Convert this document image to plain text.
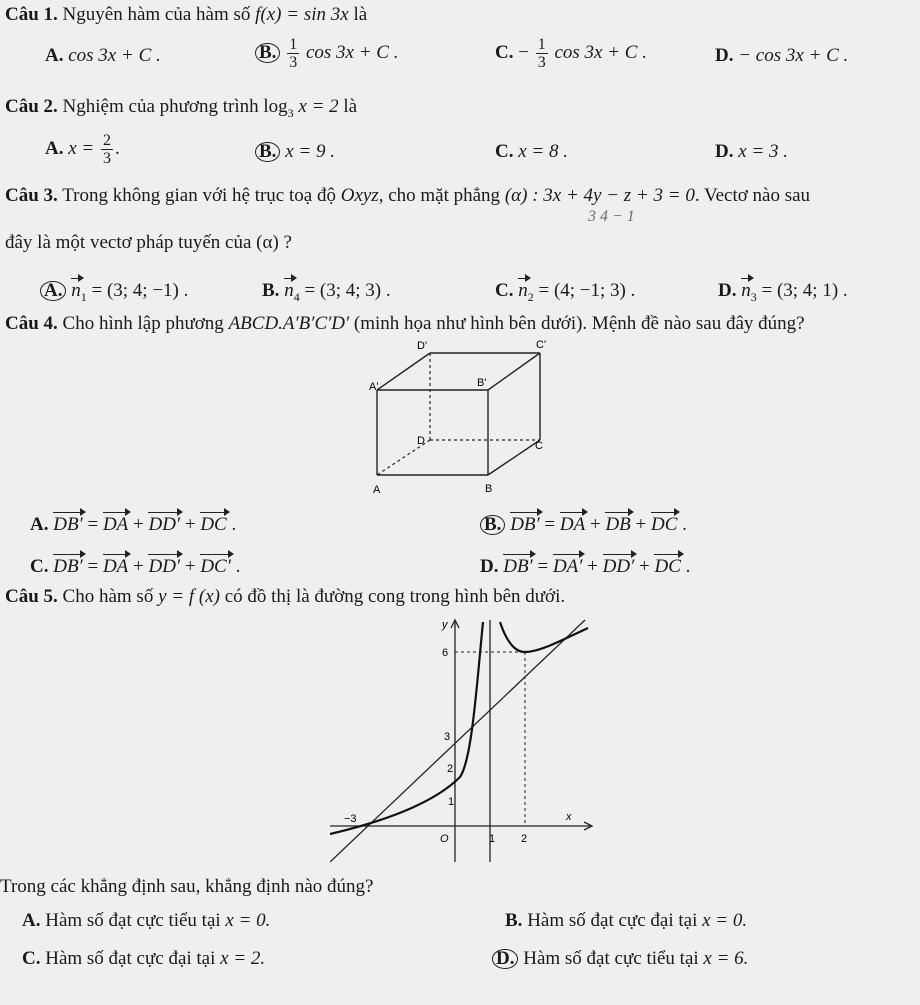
Câu 1. Nguyên hàm của hàm số f(x) = sin 3x là
A. cos 3x + C .	B. $\frac{1}{3}$ cos 3x + C .	C. − $\frac{1}{3}$ cos 3x + C .	D. − cos 3x + C .
Câu 2. Nghiệm của phương trình $\log_3 x = 2$ là
A. $x = \frac{2}{3}$ .	B. x = 9 .	C. x = 8 .	D. x = 3 .
Câu 3. Trong không gian với hệ trục toạ độ Oxyz, cho mặt phẳng (α) : 3x + 4y − z + 3 = 0. Vectơ nào sau
3 4 − 1
đây là một vectơ pháp tuyến của (α) ?
A. $n_1 = (3$; 4; −1) .	B. $n_4 = (3$; 4; 3) .	C. $n_2 = (4$; −1; 3) .	D. $n_3 = (3$; 4; 1) .
Câu 4. Cho hình lập phương ABCD.A′B′C′D′ (minh họa như hình bên dưới). Mệnh đề nào sau đây đúng?
D'	C'
A'	B'
D	C
A	B
A. DB′ = DA + DD′ + DC .	B. DB′ = DA + DB + DC .
C. DB′ = DA + DD′ + DC′ .	D. DB′ = DA′ + DD′ + DC .
Câu 5. Cho hàm số y = f (x) có đồ thị là đường cong trong hình bên dưới.
y
x
6
3
2
1
−3
O	1 2
Trong các khẳng định sau, khẳng định nào đúng?
A. Hàm số đạt cực tiểu tại x = 0.	B. Hàm số đạt cực đại tại x = 0.
C. Hàm số đạt cực đại tại x = 2.	D. Hàm số đạt cực tiểu tại x = 6.
